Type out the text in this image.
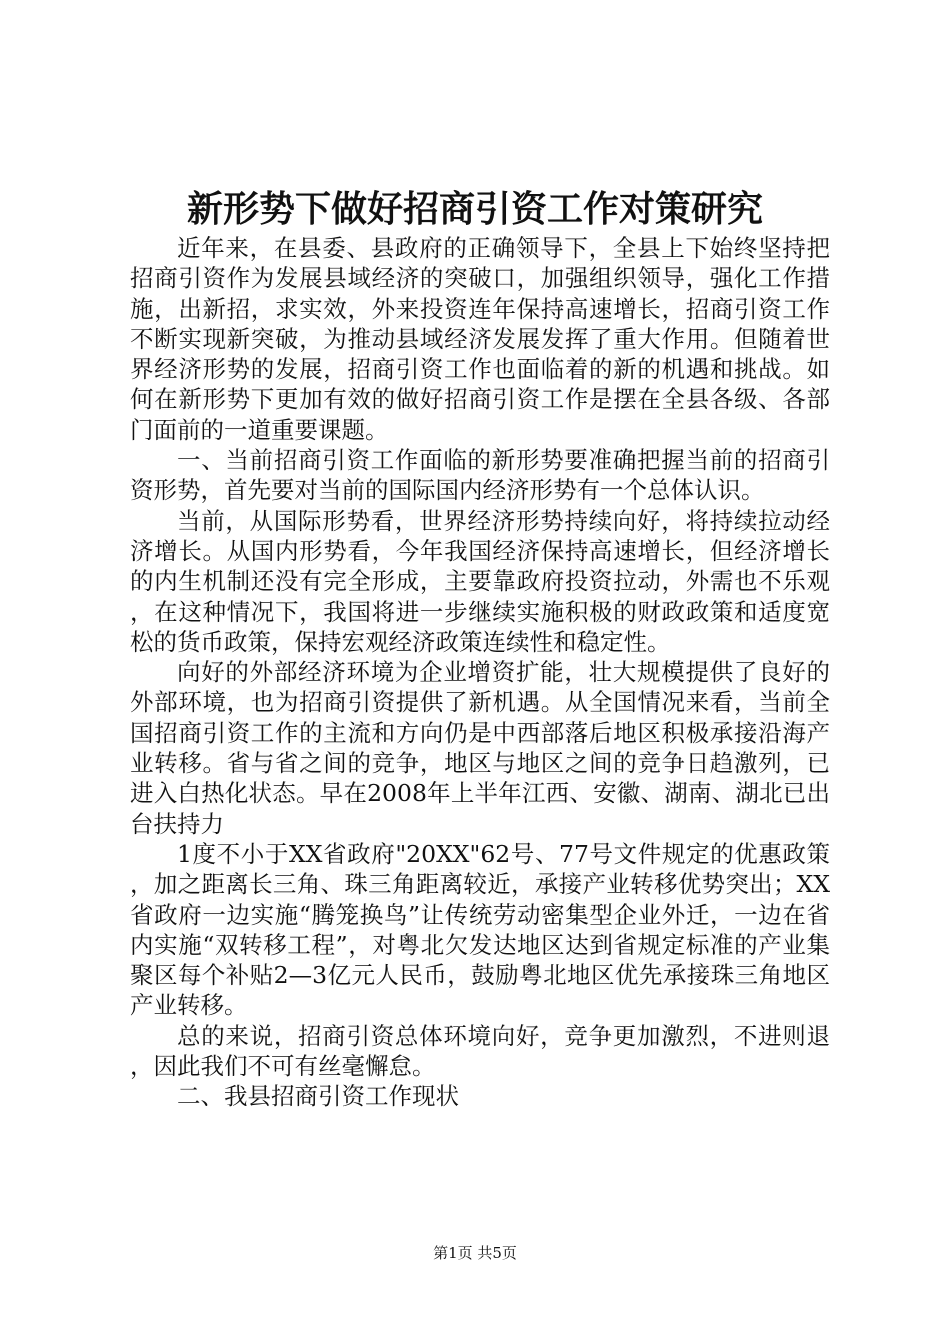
新形势下做好招商引资工作对策研究

近年来，在县委、县政府的正确领导下，全县上下始终坚持把招商引资作为发展县域经济的突破口，加强组织领导，强化工作措施，出新招，求实效，外来投资连年保持高速增长，招商引资工作不断实现新突破，为推动县域经济发展发挥了重大作用。但随着世界经济形势的发展，招商引资工作也面临着的新的机遇和挑战。如何在新形势下更加有效的做好招商引资工作是摆在全县各级、各部门面前的一道重要课题。

一、当前招商引资工作面临的新形势要准确把握当前的招商引资形势，首先要对当前的国际国内经济形势有一个总体认识。

当前，从国际形势看，世界经济形势持续向好，将持续拉动经济增长。从国内形势看，今年我国经济保持高速增长，但经济增长的内生机制还没有完全形成，主要靠政府投资拉动，外需也不乐观，在这种情况下，我国将进一步继续实施积极的财政政策和适度宽松的货币政策，保持宏观经济政策连续性和稳定性。

向好的外部经济环境为企业增资扩能，壮大规模提供了良好的外部环境，也为招商引资提供了新机遇。从全国情况来看，当前全国招商引资工作的主流和方向仍是中西部落后地区积极承接沿海产业转移。省与省之间的竞争，地区与地区之间的竞争日趋激列，已进入白热化状态。早在2008年上半年江西、安徽、湖南、湖北已出台扶持力

1度不小于XX省政府"20XX"62号、77号文件规定的优惠政策，加之距离长三角、珠三角距离较近，承接产业转移优势突出；XX省政府一边实施“腾笼换鸟”让传统劳动密集型企业外迁，一边在省内实施“双转移工程”，对粤北欠发达地区达到省规定标准的产业集聚区每个补贴2—3亿元人民币，鼓励粤北地区优先承接珠三角地区产业转移。

总的来说，招商引资总体环境向好，竞争更加激烈，不进则退，因此我们不可有丝毫懈怠。

二、我县招商引资工作现状

第1页 共5页
